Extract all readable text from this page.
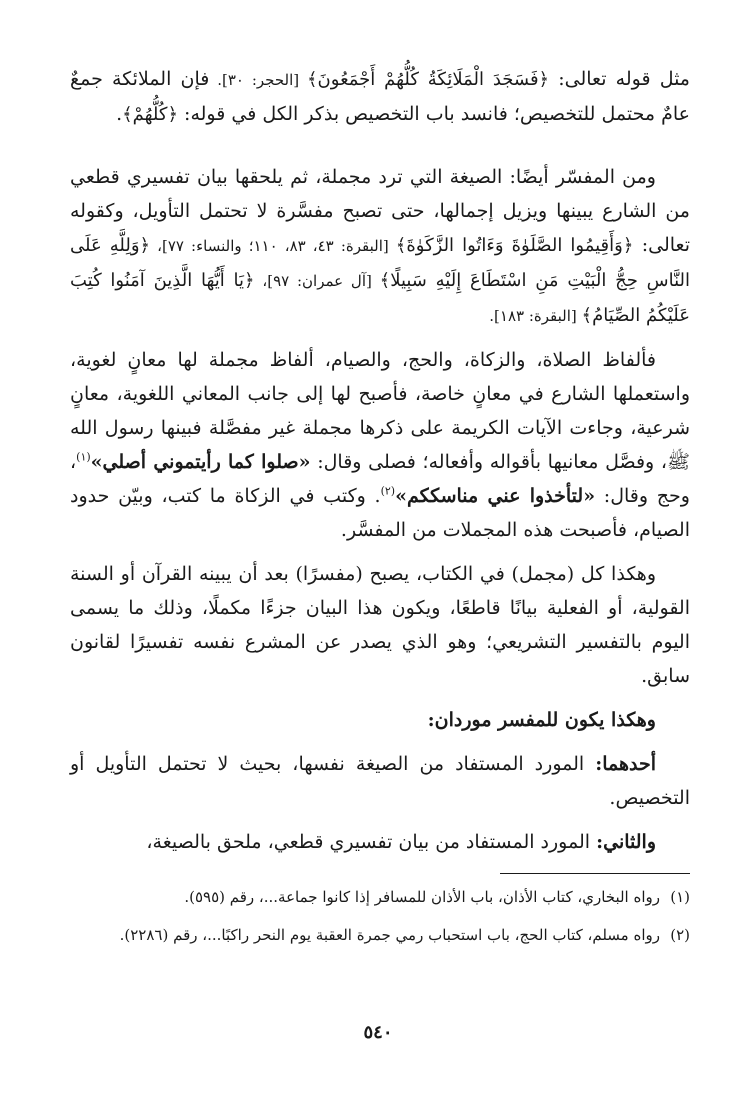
مثل قوله تعالى: ﴿فَسَجَدَ الْمَلَائِكَةُ كُلُّهُمْ أَجْمَعُونَ﴾ [الحجر: ٣٠]. فإن الملائكة جمعٌ عامٌ محتمل للتخصيص؛ فانسد باب التخصيص بذكر الكل في قوله: ﴿كُلُّهُمْ﴾.

ومن المفسّر أيضًا: الصيغة التي ترد مجملة، ثم يلحقها بيان تفسيري قطعي من الشارع يبينها ويزيل إجمالها، حتى تصبح مفسَّرة لا تحتمل التأويل، وكقوله تعالى: ﴿وَأَقِيمُوا الصَّلَوٰةَ وَءَاتُوا الزَّكَوٰةَ﴾ [البقرة: ٤٣، ٨٣، ١١٠؛ والنساء: ٧٧]، ﴿وَلِلَّهِ عَلَى النَّاسِ حِجُّ الْبَيْتِ مَنِ اسْتَطَاعَ إِلَيْهِ سَبِيلًا﴾ [آل عمران: ٩٧]، ﴿يَا أَيُّهَا الَّذِينَ آمَنُوا كُتِبَ عَلَيْكُمُ الصِّيَامُ﴾ [البقرة: ١٨٣].

فألفاظ الصلاة، والزكاة، والحج، والصيام، ألفاظ مجملة لها معانٍ لغوية، واستعملها الشارع في معانٍ خاصة، فأصبح لها إلى جانب المعاني اللغوية، معانٍ شرعية، وجاءت الآيات الكريمة على ذكرها مجملة غير مفصَّلة فبينها رسول الله ﷺ، وفصَّل معانيها بأقواله وأفعاله؛ فصلى وقال: «صلوا كما رأيتموني أصلي»$^{(١)}$، وحج وقال: «لتأخذوا عني مناسككم»$^{(٢)}$. وكتب في الزكاة ما كتب، وبيّن حدود الصيام، فأصبحت هذه المجملات من المفسَّر.

وهكذا كل (مجمل) في الكتاب، يصبح (مفسرًا) بعد أن يبينه القرآن أو السنة القولية، أو الفعلية بيانًا قاطعًا، ويكون هذا البيان جزءًا مكملًا، وذلك ما يسمى اليوم بالتفسير التشريعي؛ وهو الذي يصدر عن المشرع نفسه تفسيرًا لقانون سابق.

وهكذا يكون للمفسر موردان:

أحدهما: المورد المستفاد من الصيغة نفسها، بحيث لا تحتمل التأويل أو التخصيص.

والثاني: المورد المستفاد من بيان تفسيري قطعي، ملحق بالصيغة،

(١)
رواه البخاري، كتاب الأذان، باب الأذان للمسافر إذا كانوا جماعة...، رقم (٥٩٥).
(٢)
رواه مسلم، كتاب الحج، باب استحباب رمي جمرة العقبة يوم النحر راكبًا...، رقم (٢٢٨٦).
٥٤٠
